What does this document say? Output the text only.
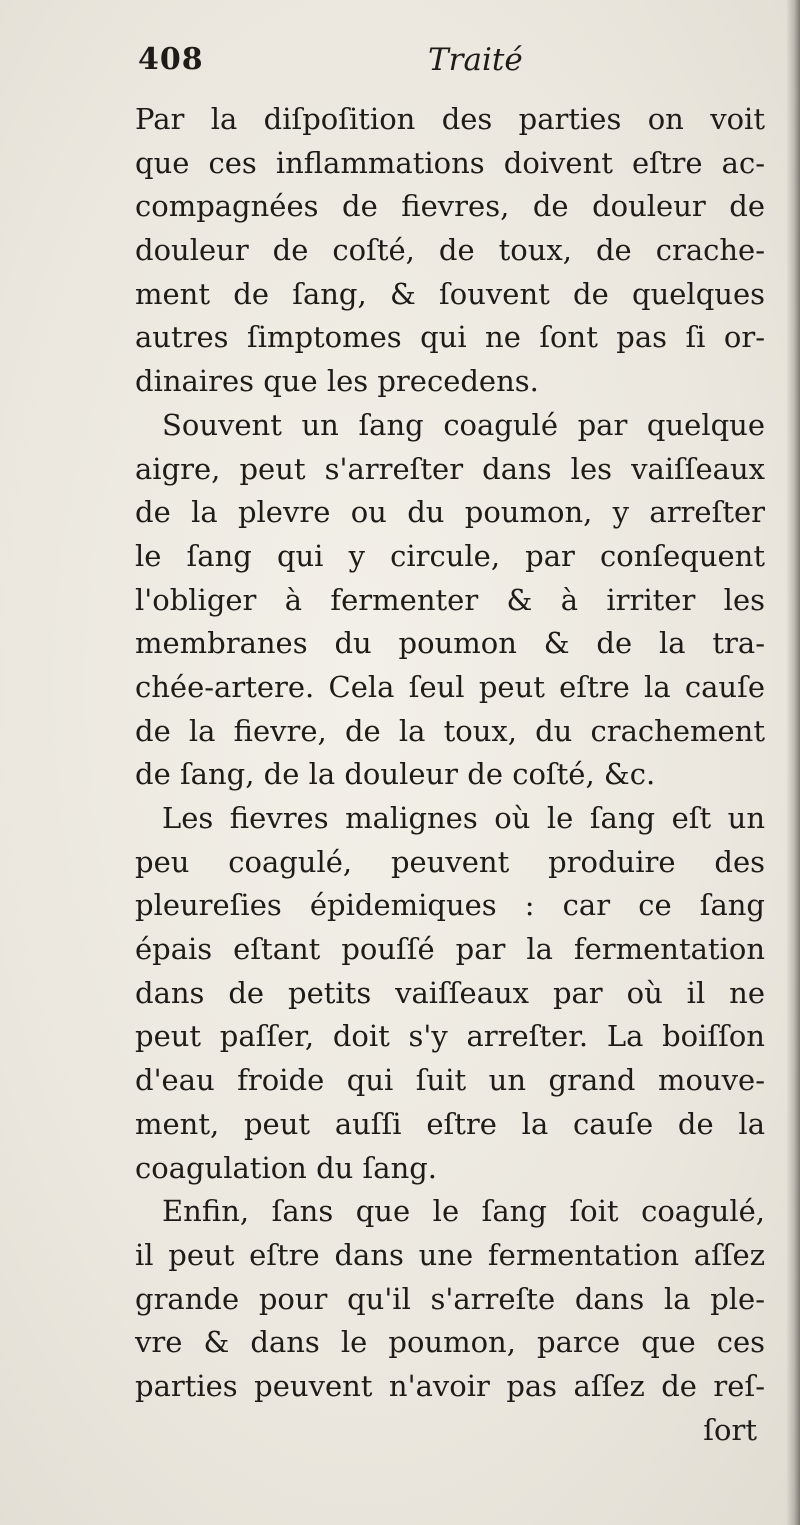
408	Traité
Par la diſpoſition des parties on voit
que ces inflammations doivent eſtre ac-
compagnées de fievres, de douleur de
douleur de coſté, de toux, de crache-
ment de ſang, & ſouvent de quelques
autres ſimptomes qui ne ſont pas ſi or-
dinaires que les precedens.
Souvent un ſang coagulé par quelque
aigre, peut s'arreſter dans les vaiſſeaux
de la plevre ou du poumon, y arreſter
le ſang qui y circule, par conſequent
l'obliger à fermenter & à irriter les
membranes du poumon & de la tra-
chée-artere. Cela ſeul peut eſtre la cauſe
de la fievre, de la toux, du crachement
de ſang, de la douleur de coſté, &c.
Les fievres malignes où le ſang eſt un
peu coagulé, peuvent produire des
pleureſies épidemiques : car ce ſang
épais eſtant pouſſé par la fermentation
dans de petits vaiſſeaux par où il ne
peut paſſer, doit s'y arreſter. La boiſſon
d'eau froide qui ſuit un grand mouve-
ment, peut auſſi eſtre la cauſe de la
coagulation du ſang.
Enfin, ſans que le ſang ſoit coagulé,
il peut eſtre dans une fermentation aſſez
grande pour qu'il s'arreſte dans la ple-
vre & dans le poumon, parce que ces
parties peuvent n'avoir pas aſſez de reſ-
ſort
